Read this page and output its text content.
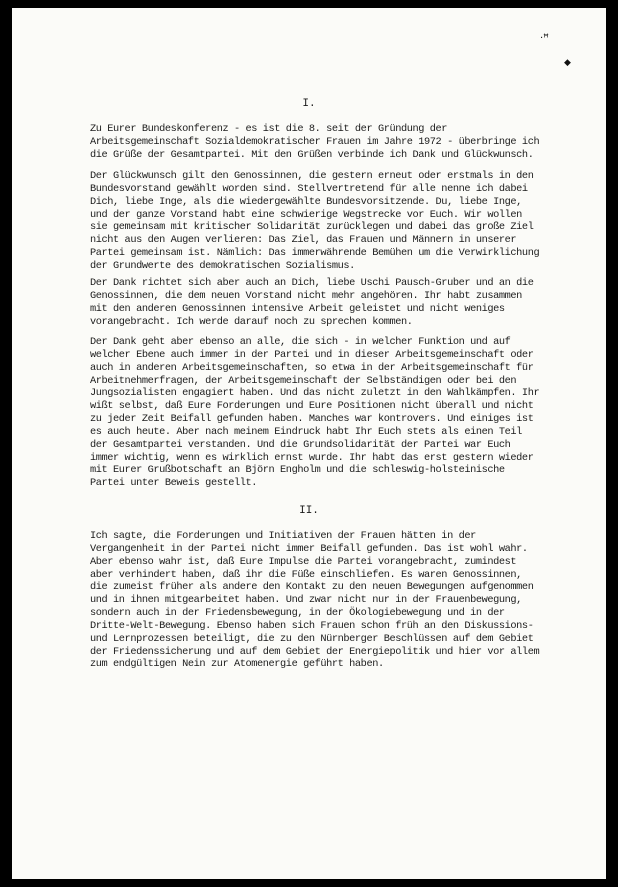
·ꟸ
◆
I.

Zu Eurer Bundeskonferenz - es ist die 8. seit der Gründung der
Arbeitsgemeinschaft Sozialdemokratischer Frauen im Jahre 1972 - überbringe ich
die Grüße der Gesamtpartei. Mit den Grüßen verbinde ich Dank und Glückwunsch.

Der Glückwunsch gilt den Genossinnen, die gestern erneut oder erstmals in den
Bundesvorstand gewählt worden sind. Stellvertretend für alle nenne ich dabei
Dich, liebe Inge, als die wiedergewählte Bundesvorsitzende. Du, liebe Inge,
und der ganze Vorstand habt eine schwierige Wegstrecke vor Euch. Wir wollen
sie gemeinsam mit kritischer Solidarität zurücklegen und dabei das große Ziel
nicht aus den Augen verlieren: Das Ziel, das Frauen und Männern in unserer
Partei gemeinsam ist. Nämlich: Das immerwährende Bemühen um die Verwirklichung
der Grundwerte des demokratischen Sozialismus.

Der Dank richtet sich aber auch an Dich, liebe Uschi Pausch-Gruber und an die
Genossinnen, die dem neuen Vorstand nicht mehr angehören. Ihr habt zusammen
mit den anderen Genossinnen intensive Arbeit geleistet und nicht weniges
vorangebracht. Ich werde darauf noch zu sprechen kommen.

Der Dank geht aber ebenso an alle, die sich - in welcher Funktion und auf
welcher Ebene auch immer in der Partei und in dieser Arbeitsgemeinschaft oder
auch in anderen Arbeitsgemeinschaften, so etwa in der Arbeitsgemeinschaft für
Arbeitnehmerfragen, der Arbeitsgemeinschaft der Selbständigen oder bei den
Jungsozialisten engagiert haben. Und das nicht zuletzt in den Wahlkämpfen. Ihr
wißt selbst, daß Eure Forderungen und Eure Positionen nicht überall und nicht
zu jeder Zeit Beifall gefunden haben. Manches war kontrovers. Und einiges ist
es auch heute. Aber nach meinem Eindruck habt Ihr Euch stets als einen Teil
der Gesamtpartei verstanden. Und die Grundsolidarität der Partei war Euch
immer wichtig, wenn es wirklich ernst wurde. Ihr habt das erst gestern wieder
mit Eurer Grußbotschaft an Björn Engholm und die schleswig-holsteinische
Partei unter Beweis gestellt.

II.

Ich sagte, die Forderungen und Initiativen der Frauen hätten in der
Vergangenheit in der Partei nicht immer Beifall gefunden. Das ist wohl wahr.
Aber ebenso wahr ist, daß Eure Impulse die Partei vorangebracht, zumindest
aber verhindert haben, daß ihr die Füße einschliefen. Es waren Genossinnen,
die zumeist früher als andere den Kontakt zu den neuen Bewegungen aufgenommen
und in ihnen mitgearbeitet haben. Und zwar nicht nur in der Frauenbewegung,
sondern auch in der Friedensbewegung, in der Ökologiebewegung und in der
Dritte-Welt-Bewegung. Ebenso haben sich Frauen schon früh an den Diskussions-
und Lernprozessen beteiligt, die zu den Nürnberger Beschlüssen auf dem Gebiet
der Friedenssicherung und auf dem Gebiet der Energiepolitik und hier vor allem
zum endgültigen Nein zur Atomenergie geführt haben.
